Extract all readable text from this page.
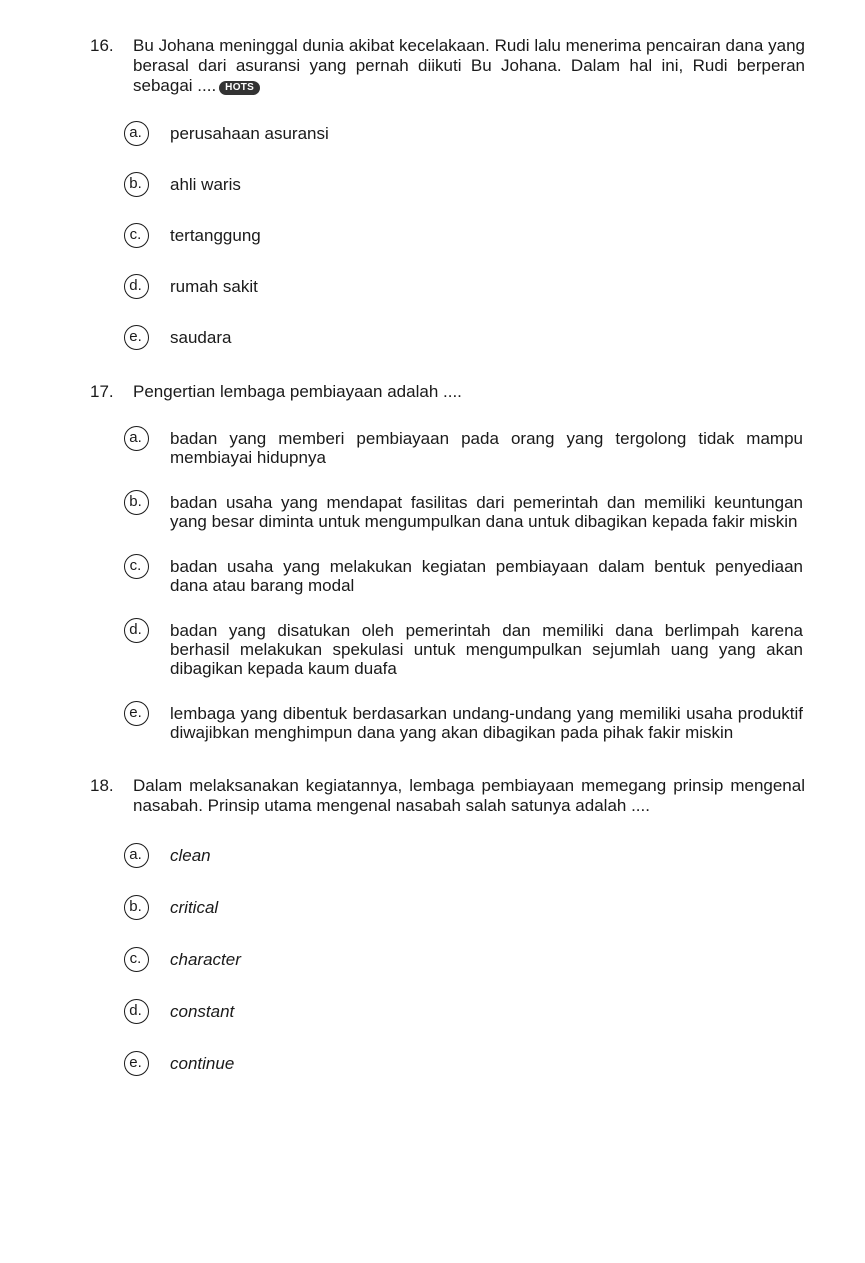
16. Bu Johana meninggal dunia akibat kecelakaan. Rudi lalu menerima pencairan dana yang berasal dari asuransi yang pernah diikuti Bu Johana. Dalam hal ini, Rudi berperan sebagai .... HOTS
a.	perusahaan asuransi
b.	ahli waris
c.	tertanggung
d.	rumah sakit
e.	saudara
17. Pengertian lembaga pembiayaan adalah ....
a.	badan yang memberi pembiayaan pada orang yang tergolong tidak mampu membiayai hidupnya
b.	badan usaha yang mendapat fasilitas dari pemerintah dan memiliki keuntungan yang besar diminta untuk mengumpulkan dana untuk dibagikan kepada fakir miskin
c.	badan usaha yang melakukan kegiatan pembiayaan dalam bentuk penyediaan dana atau barang modal
d.	badan yang disatukan oleh pemerintah dan memiliki dana berlimpah karena berhasil melakukan spekulasi untuk mengumpulkan sejumlah uang yang akan dibagikan kepada kaum duafa
e.	lembaga yang dibentuk berdasarkan undang-undang yang memiliki usaha produktif diwajibkan menghimpun dana yang akan dibagikan pada pihak fakir miskin
18. Dalam melaksanakan kegiatannya, lembaga pembiayaan memegang prinsip mengenal nasabah. Prinsip utama mengenal nasabah salah satunya adalah ....
a.	clean
b.	critical
c.	character
d.	constant
e.	continue
